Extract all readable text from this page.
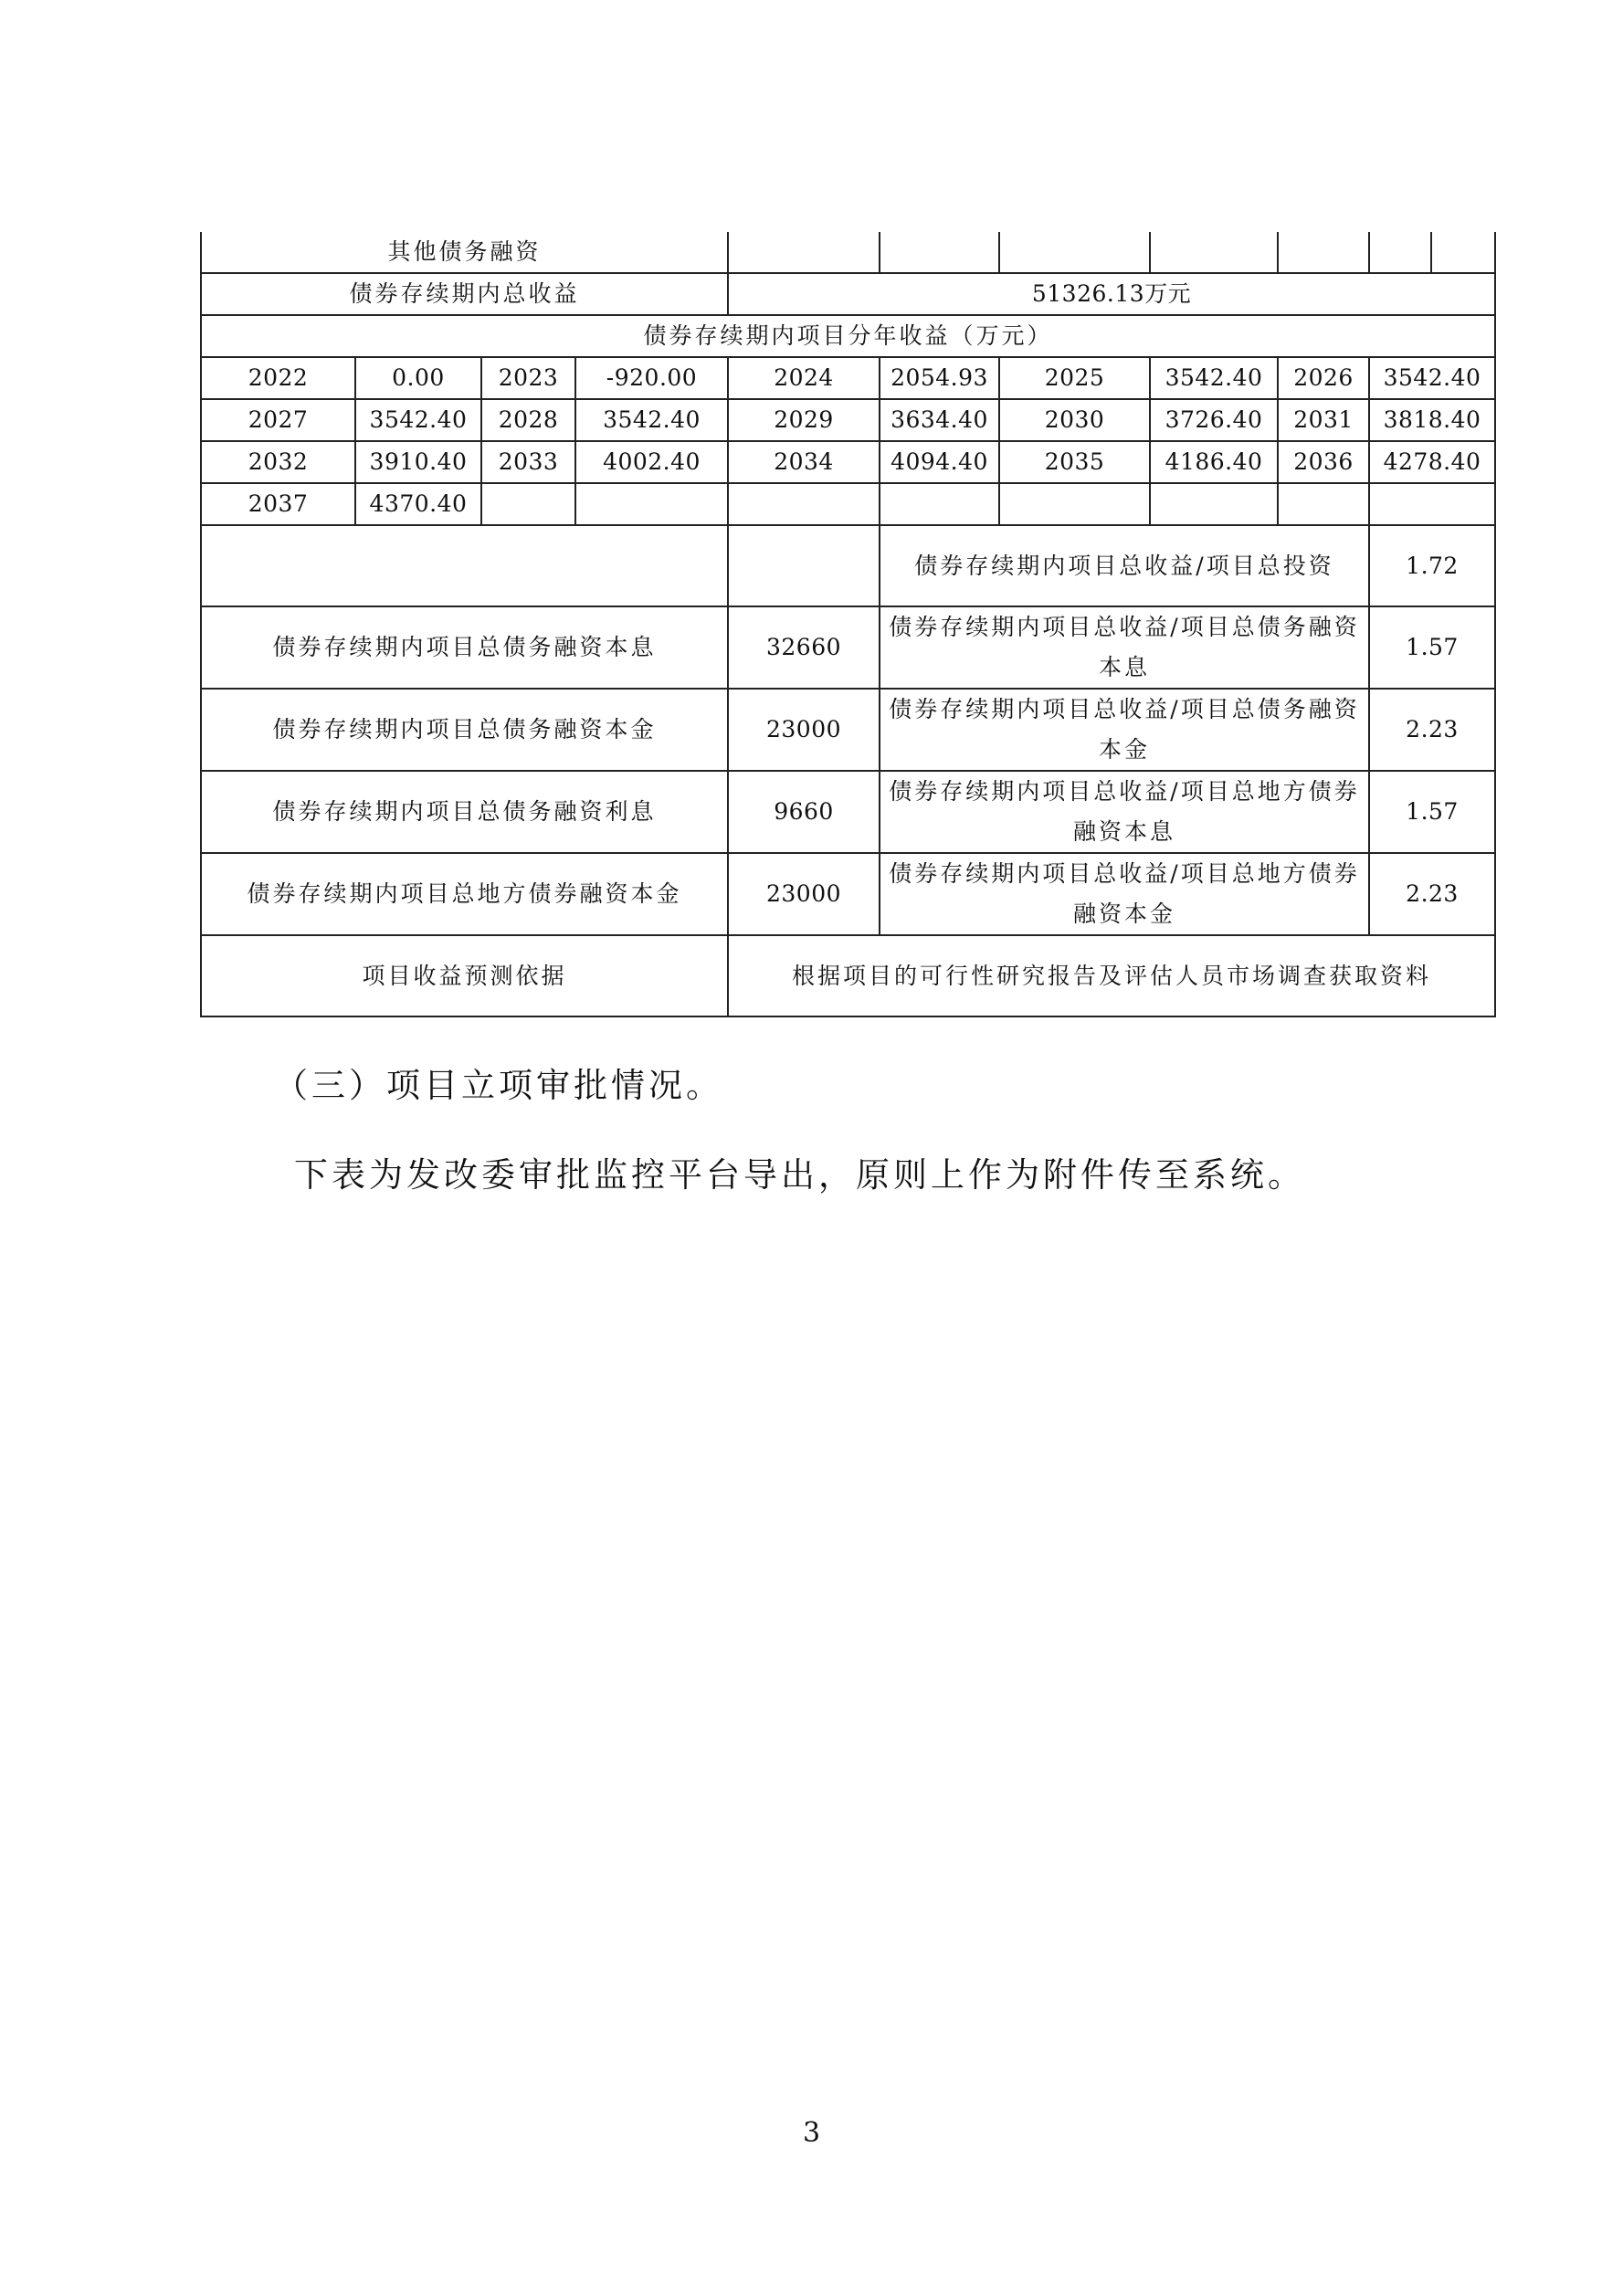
其他债务融资										
债券存续期内总收益				51326.13万元						
债券存续期内项目分年收益（万元）										
2022	0.00	2023	-920.00	2024	2054.93	2025	3542.40	2026	3542.40	
2027	3542.40	2028	3542.40	2029	3634.40	2030	3726.40	2031	3818.40	
2032	3910.40	2033	4002.40	2034	4094.40	2035	4186.40	2036	4278.40	
2037	4370.40									
					债券存续期内项目总收益/项目总投资				1.72	
债券存续期内项目总债务融资本息				32660	债券存续期内项目总收益/项目总债务融资本息				1.57	
债券存续期内项目总债务融资本金				23000	债券存续期内项目总收益/项目总债务融资本金				2.23	
债券存续期内项目总债务融资利息				9660	债券存续期内项目总收益/项目总地方债券融资本息				1.57	
债券存续期内项目总地方债券融资本金				23000	债券存续期内项目总收益/项目总地方债券融资本金				2.23	
项目收益预测依据				根据项目的可行性研究报告及评估人员市场调查获取资料						
（三）项目立项审批情况。
下表为发改委审批监控平台导出，原则上作为附件传至系统。
3
